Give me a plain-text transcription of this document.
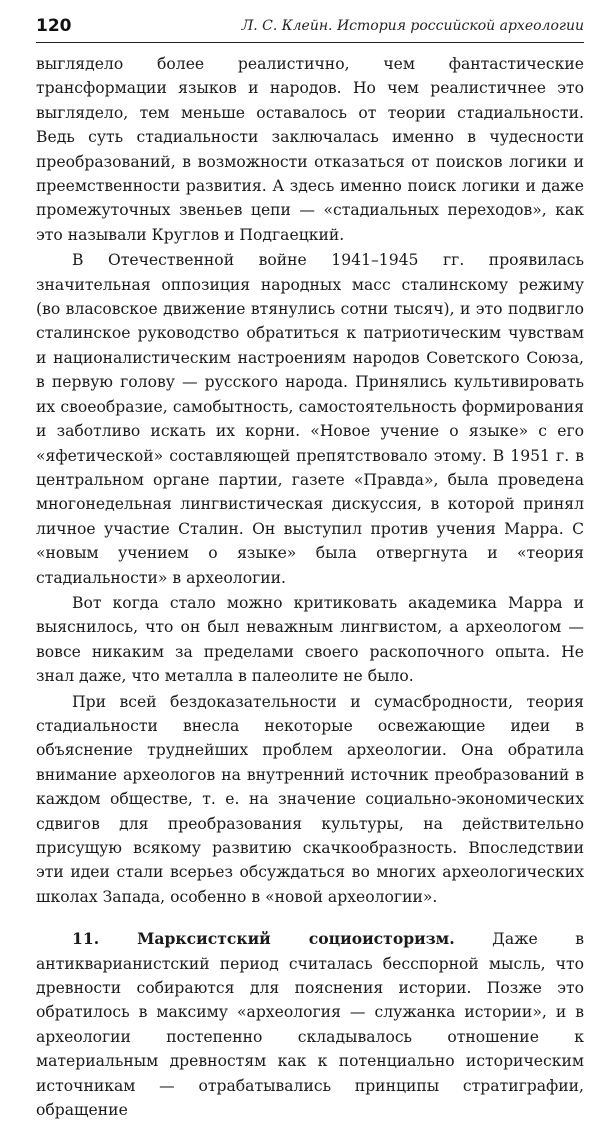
120	Л. С. Клейн. История российской археологии

выглядело более реалистично, чем фантастические трансформации языков и народов. Но чем реалистичнее это выглядело, тем меньше оставалось от теории стадиальности. Ведь суть стадиальности заключалась именно в чудесности преобразований, в возможности отказаться от поисков логики и преемственности развития. А здесь именно поиск логики и даже промежуточных звеньев цепи — «стадиальных переходов», как это называли Круглов и Подгаецкий.

В Отечественной войне 1941–1945 гг. проявилась значительная оппозиция народных масс сталинскому режиму (во власовское движение втянулись сотни тысяч), и это подвигло сталинское руководство обратиться к патриотическим чувствам и националистическим настроениям народов Советского Союза, в первую голову — русского народа. Принялись культивировать их своеобразие, самобытность, самостоятельность формирования и заботливо искать их корни. «Новое учение о языке» с его «яфетической» составляющей препятствовало этому. В 1951 г. в центральном органе партии, газете «Правда», была проведена многонедельная лингвистическая дискуссия, в которой принял личное участие Сталин. Он выступил против учения Марра. С «новым учением о языке» была отвергнута и «теория стадиальности» в археологии.

Вот когда стало можно критиковать академика Марра и выяснилось, что он был неважным лингвистом, а археологом — вовсе никаким за пределами своего раскопочного опыта. Не знал даже, что металла в палеолите не было.

При всей бездоказательности и сумасбродности, теория стадиальности внесла некоторые освежающие идеи в объяснение труднейших проблем археологии. Она обратила внимание археологов на внутренний источник преобразований в каждом обществе, т. е. на значение социально-экономических сдвигов для преобразования культуры, на действительно присущую всякому развитию скачкообразность. Впоследствии эти идеи стали всерьез обсуждаться во многих археологических школах Запада, особенно в «новой археологии».

11. Марксистский социоисторизм. Даже в антикварианистский период считалась бесспорной мысль, что древности собираются для пояснения истории. Позже это обратилось в максиму «археология — служанка истории», и в археологии постепенно складывалось отношение к материальным древностям как к потенциально историческим источникам — отрабатывались принципы стратиграфии, обращение
